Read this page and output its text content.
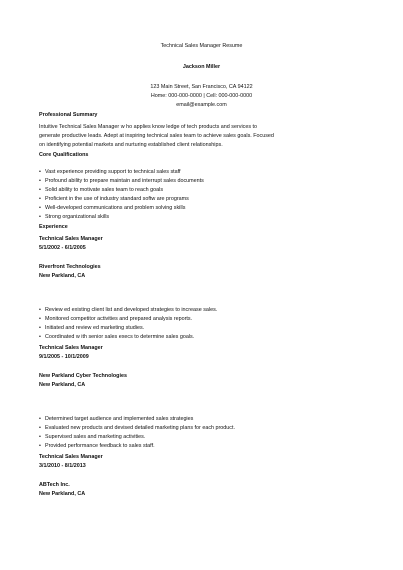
Technical Sales Manager Resume
Jackson Miller
123 Main Street, San Francisco, CA 94122
Home: 000-000-0000 | Cell: 000-000-0000
email@example.com
Professional Summary
Intuitive Technical Sales Manager w ho applies know ledge of tech products and services to
generate productive leads. Adept at inspiring technical sales team to achieve sales goals. Focused
on identifying potential markets and nurturing established client relationships.
Core Qualifications
• Vast experience providing support to technical sales staff
• Profound ability to prepare maintain and interrupt sales documents
• Solid ability to motivate sales team to reach goals
• Proficient in the use of industry standard softw are programs
• Well-developed communications and problem solving skills
• Strong organizational skills
Experience
Technical Sales Manager
5/1/2002 - 6/1/2005
Riverfront Technologies
New Parkland, CA
• Review ed existing client list and developed strategies to increase sales.
• Monitored competitor activities and prepared analysis reports.
• Initiated and review ed marketing studies.
• Coordinated w ith senior sales execs to determine sales goals.
Technical Sales Manager
9/1/2005 - 10/1/2009
New Parkland Cyber Technologies
New Parkland, CA
• Determined target audience and implemented sales strategies
• Evaluated new products and devised detailed marketing plans for each product.
• Supervised sales and marketing activities.
• Provided performance feedback to sales staff.
Technical Sales Manager
3/1/2010 - 8/1/2013
ABTech Inc.
New Parkland, CA
